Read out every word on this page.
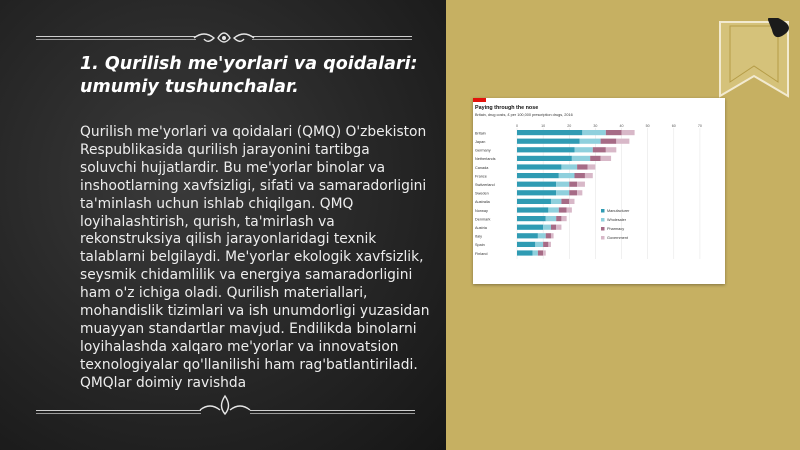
1. Qurilish me'yorlari va qoidalari: umumiy tushunchalar.

Qurilish me'yorlari va qoidalari (QMQ) O'zbekiston Respublikasida qurilish jarayonini tartibga soluvchi hujjatlardir. Bu me'yorlar binolar va inshootlarning xavfsizligi, sifati va samaradorligini ta'minlash uchun ishlab chiqilgan. QMQ loyihalashtirish, qurish, ta'mirlash va rekonstruksiya qilish jarayonlaridagi texnik talablarni belgilaydi. Me'yorlar ekologik xavfsizlik, seysmik chidamlilik va energiya samaradorligini ham o'z ichiga oladi. Qurilish materiallari, mohandislik tizimlari va ish unumdorligi yuzasidan muayyan standartlar mavjud. Endilikda binolarni loyihalashda xalqaro me'yorlar va innovatsion texnologiyalar qo'llanilishi ham rag'batlantiriladi. QMQlar doimiy ravishda

Paying through the nose
Britain, drug costs, £ per 100,000 prescription drugs, 2016
0	10	20	30	40	50	60	70
Britain
Japan
Germany
Netherlands
Canada
France
Switzerland
Sweden
Australia
Norway
Denmark
Austria
Italy
Spain
Finland
Manufacturer
Wholesaler
Pharmacy
Government
